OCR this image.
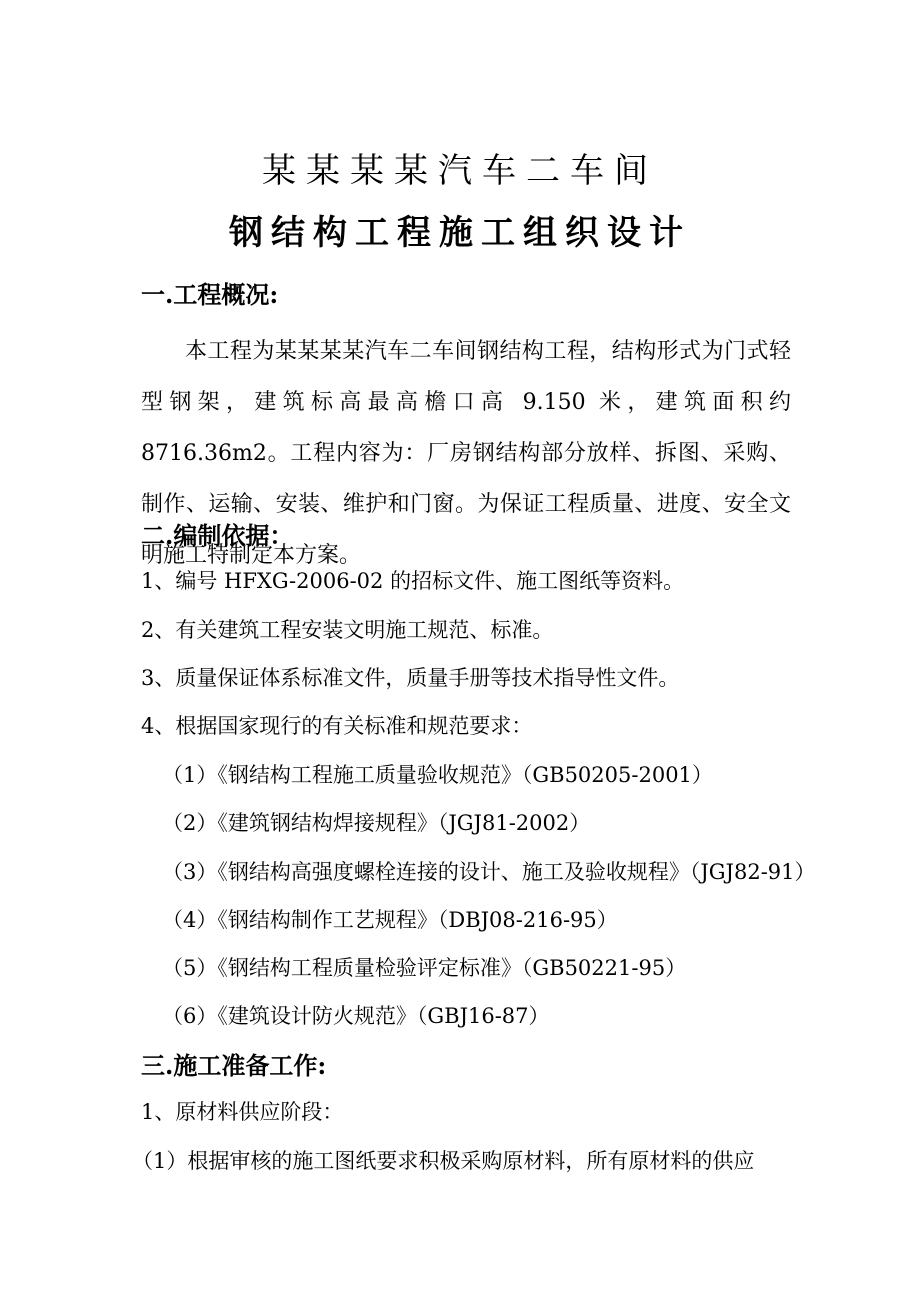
某某某某汽车二车间
钢结构工程施工组织设计
一.工程概况:
本工程为某某某某汽车二车间钢结构工程，结构形式为门式轻型钢架，建筑标高最高檐口高 9.150 米，建筑面积约 8716.36m2。工程内容为：厂房钢结构部分放样、拆图、采购、制作、运输、安装、维护和门窗。为保证工程质量、进度、安全文明施工特制定本方案。
二.编制依据：
1、编号 HFXG-2006-02 的招标文件、施工图纸等资料。
2、有关建筑工程安装文明施工规范、标准。
3、质量保证体系标准文件，质量手册等技术指导性文件。
4、根据国家现行的有关标准和规范要求：
（1）《钢结构工程施工质量验收规范》（GB50205-2001）
（2）《建筑钢结构焊接规程》（JGJ81-2002）
（3）《钢结构高强度螺栓连接的设计、施工及验收规程》（JGJ82-91）
（4）《钢结构制作工艺规程》（DBJ08-216-95）
（5）《钢结构工程质量检验评定标准》（GB50221-95）
（6）《建筑设计防火规范》（GBJ16-87）
三.施工准备工作:
1、原材料供应阶段：
（1）根据审核的施工图纸要求积极采购原材料，所有原材料的供应
